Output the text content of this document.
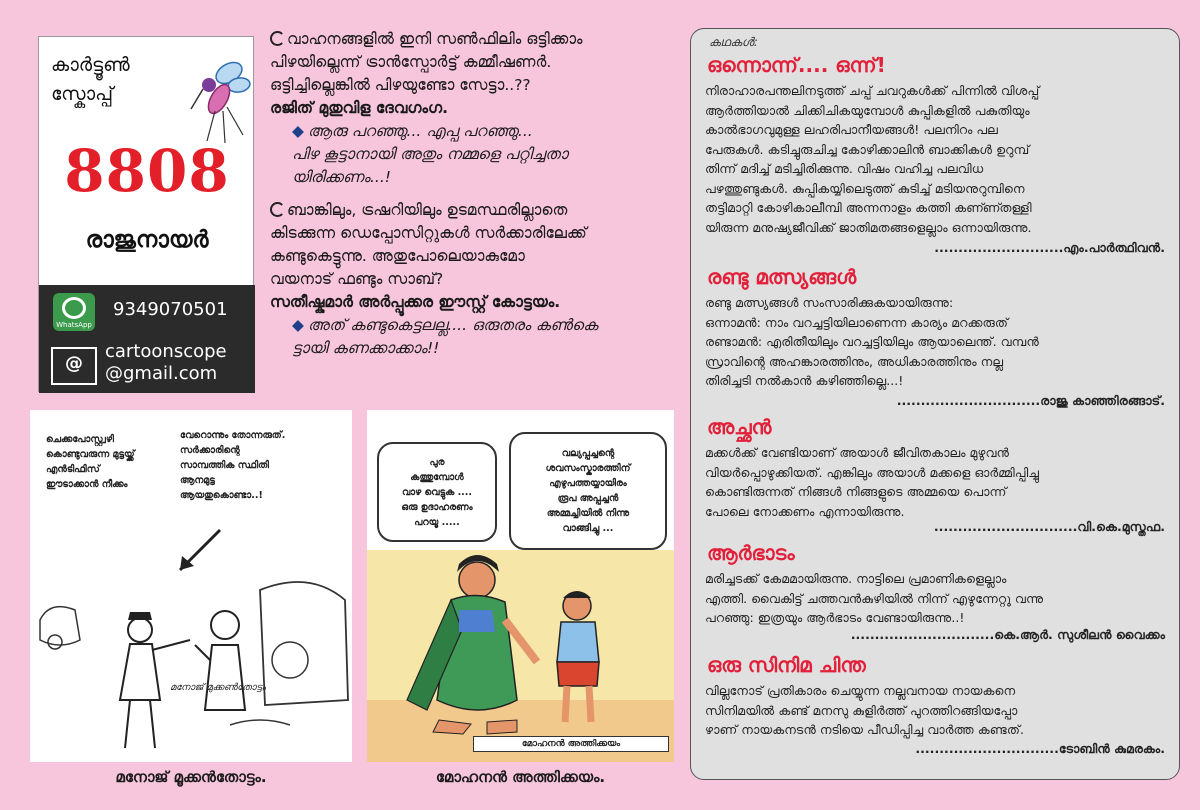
കാർട്ടൂൺ
സ്കോപ്പ്
8808
രാജുനായർ
WhatsApp
9349070501
@
cartoonscope
@gmail.com

വാഹനങ്ങളിൽ ഇനി സൺഫിലിം ഒട്ടിക്കാം

പിഴയില്ലെന്ന് ട്രാൻസ്പോർട്ട് കമ്മീഷണർ.

ഒട്ടിച്ചില്ലെങ്കിൽ പിഴയുണ്ടോ സേട്ടാ..??

രജിത് മുതുവിള ദേവഗംഗ.

◆ ആരു പറഞ്ഞു... എപ്പ പറഞ്ഞു...

പിഴ കൂട്ടാനായി അതും നമ്മളെ പറ്റിച്ചതാ

യിരിക്കണം...!

ബാങ്കിലും, ട്രഷറിയിലും ഉടമസ്ഥരില്ലാതെ

കിടക്കുന്ന ഡെപ്പോസിറ്റുകൾ സർക്കാരിലേക്ക്

കണ്ടുകെട്ടുന്നു. അതുപോലെയാകുമോ

വയനാട് ഫണ്ടും സാബ്?

സതീഷ്കുമാർ അർപ്പൂക്കര ഈസ്റ്റ് കോട്ടയം.

◆ അത് കണ്ടുകെട്ടലല്ല.... ഒരുതരം കൺകെ

ട്ടായി കണക്കാക്കാം!!

ചെക്കപോസ്റ്റ്വഴി
കൊണ്ടുവരുന്ന മുട്ടയ്ക്ക്
എൻടിഫിസ്
ഈടാക്കാൻ നീക്കം
വേറൊന്നും തോന്നരുത്.
സർക്കാരിന്റെ
സാമ്പത്തിക സ്ഥിതി
ആനമുട്ട
ആയതുകൊണ്ടാ..!
മനോജ് മുക്കൺതോട്ടം
മനോജ് മൂക്കൻതോട്ടം.
പുര
കത്തുമ്പോൾ
വാഴ വെട്ടുക ....
ഒരു ഉദാഹരണം
പറയൂ .....
വല്യപ്പച്ചന്റെ
ശവസംസ്കാരത്തിന്
എഴുപത്തയ്യായിരം
രൂപ അപ്പച്ചൻ
അമ്മച്ചിയിൽ നിന്നു
വാങ്ങിച്ചു ...
മോഹനൻ അത്തിക്കയം
മോഹനൻ അത്തിക്കയം.
കഥകൾ:
ഒന്നൊന്ന്.... ഒന്ന്!
നിരാഹാരപന്തലിനടുത്ത് ചപ്പ് ചവറുകൾക്ക് പിന്നിൽ വിശപ്പ്
ആർത്തിയാൽ ചിക്കിചികയുമ്പോൾ കുപ്പികളിൽ പകുതിയും
കാൽഭാഗവുമുള്ള ലഹരിപാനീയങ്ങൾ! പലനിറം പല
പേരുകൾ. കടിച്ചുരുചിച്ച കോഴിക്കാലിൻ ബാക്കികൾ ഉറുമ്പ്
തിന്ന് മദിച്ച് മടിച്ചിരിക്കുന്നു. വിഷം വഹിച്ച പലവിധ
പഴത്തുണ്ടുകൾ. കുപ്പികയ്യിലെടുത്ത് കുടിച്ച് മടിയനുറുമ്പിനെ
തട്ടിമാറ്റി കോഴികാലീമ്പി അന്നനാളം കത്തി കണ്ണ്തള്ളി
യിരുന്ന മനുഷ്യജീവിക്ക് ജാതിമതങ്ങളെല്ലാം ഒന്നായിരുന്നു.
...........................എം.പാർത്ഥിവൻ.
രണ്ടു മത്സ്യങ്ങൾ
രണ്ടു മത്സ്യങ്ങൾ സംസാരിക്കുകയായിരുന്നു:
ഒന്നാമൻ: നാം വറച്ചട്ടിയിലാണെന്ന കാര്യം മറക്കരുത്
രണ്ടാമൻ: എരിതീയിലും വറച്ചട്ടിയിലും ആയാലെന്ത്. വമ്പൻ
സ്രാവിന്റെ അഹങ്കാരത്തിനും, അധികാരത്തിനും നല്ല
തിരിച്ചടി നൽകാൻ കഴിഞ്ഞില്ലെ...!
..............................രാജു കാഞ്ഞിരങ്ങാട്.
അച്ഛൻ
മക്കൾക്ക് വേണ്ടിയാണ് അയാൾ ജീവിതകാലം മുഴുവൻ
വിയർപ്പൊഴുക്കിയത്. എങ്കിലും അയാൾ മക്കളെ ഓർമ്മിപ്പിച്ചു
കൊണ്ടിരുന്നത് നിങ്ങൾ നിങ്ങളുടെ അമ്മയെ പൊന്ന്
പോലെ നോക്കണം എന്നായിരുന്നു.
..............................വി.കെ.മുസ്തഫ.
ആർഭാടം
മരിച്ചടക്ക് കേമമായിരുന്നു. നാട്ടിലെ പ്രമാണികളെല്ലാം
എത്തി. വൈകിട്ട് ചത്തവൻകുഴിയിൽ നിന്ന് എഴുന്നേറ്റു വന്നു
പറഞ്ഞു: ഇത്രയും ആർഭാടം വേണ്ടായിരുന്നു..!
..............................കെ.ആർ. സുശീലൻ വൈക്കം
ഒരു സിനിമ ചിന്ത
വില്ലനോട് പ്രതികാരം ചെയ്യുന്ന നല്ലവനായ നായകനെ
സിനിമയിൽ കണ്ട് മനസു കുളിർത്ത് പുറത്തിറങ്ങിയപ്പോ
ഴാണ് നായകനടൻ നടിയെ പീഡിപ്പിച്ച വാർത്ത കണ്ടത്.
..............................ടോബിൻ കുമരകം.
